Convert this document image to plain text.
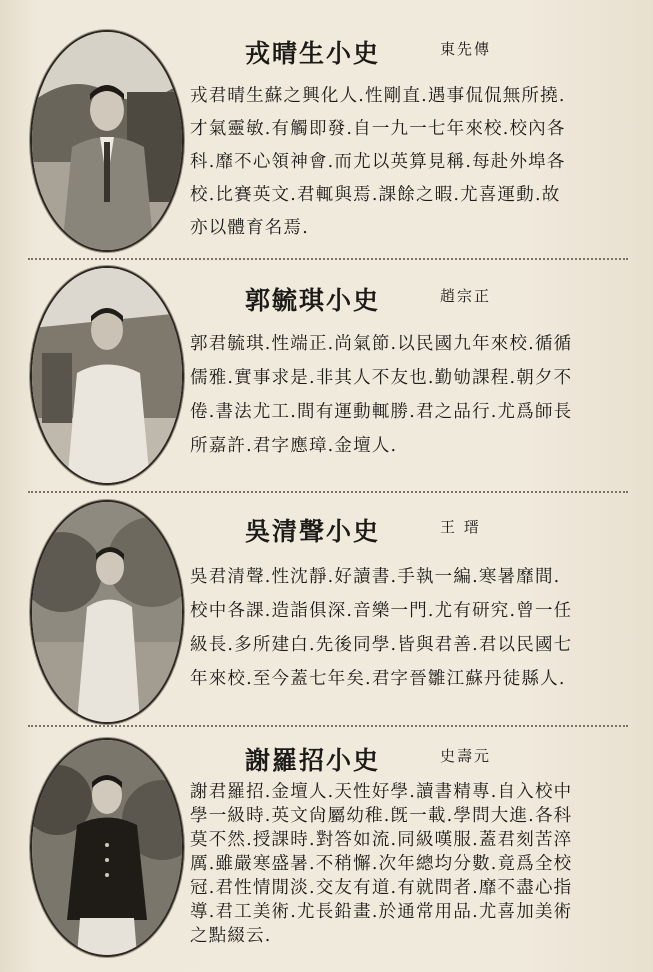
戎晴生小史	東先傳
戎君晴生蘇之興化人.性剛直.遇事侃侃無所撓.
才氣靈敏.有觸即發.自一九一七年來校.校內各
科.靡不心領神會.而尤以英算見稱.每赴外埠各
校.比賽英文.君輒與焉.課餘之暇.尤喜運動.故
亦以體育名焉.
郭毓琪小史	趙宗正
郭君毓琪.性端正.尚氣節.以民國九年來校.循循
儒雅.實事求是.非其人不友也.勤劬課程.朝夕不
倦.書法尤工.間有運動輒勝.君之品行.尤爲師長
所嘉許.君字應璋.金壇人.
吳清聲小史	王 瑨
吳君清聲.性沈靜.好讀書.手執一編.寒暑靡間.
校中各課.造詣俱深.音樂一門.尤有研究.曾一任
級長.多所建白.先後同學.皆與君善.君以民國七
年來校.至今蓋七年矣.君字晉雛江蘇丹徒縣人.
謝羅招小史	史壽元
謝君羅招.金壇人.天性好學.讀書精專.自入校中
學一級時.英文尙屬幼稚.旣一載.學問大進.各科
莫不然.授課時.對答如流.同級嘆服.蓋君刻苦淬
厲.雖嚴寒盛暑.不稍懈.次年總均分數.竟爲全校
冠.君性情閒淡.交友有道.有就問者.靡不盡心指
導.君工美術.尤長鉛畫.於通常用品.尤喜加美術
之點綴云.
